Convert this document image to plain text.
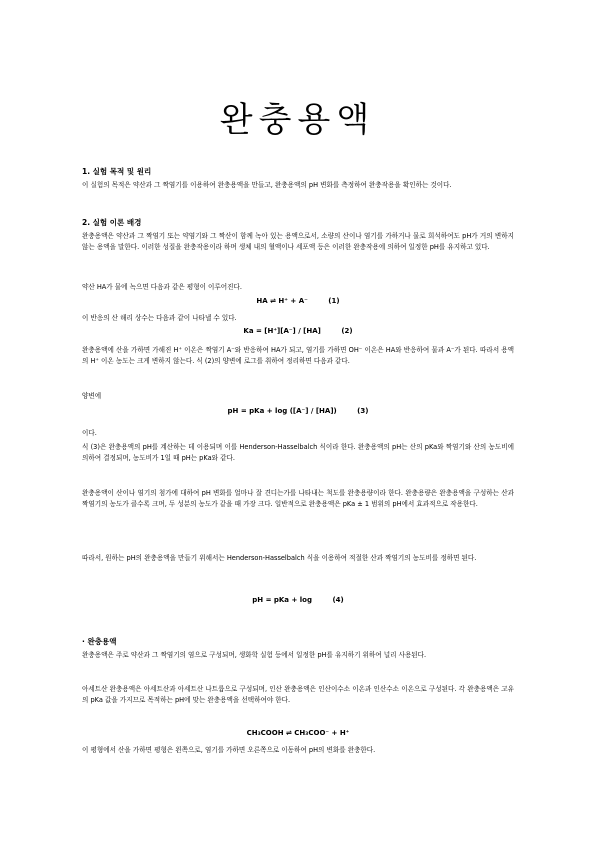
완충용액
1. 실험 목적 및 원리
이 실험의 목적은 약산과 그 짝염기를 이용하여 완충용액을 만들고, 완충용액의 pH 변화를 측정하여 완충작용을 확인하는 것이다.
2. 실험 이론 배경
완충용액은 약산과 그 짝염기 또는 약염기와 그 짝산이 함께 녹아 있는 용액으로서, 소량의 산이나 염기를 가하거나 물로 희석하여도 pH가 거의 변하지 않는 용액을 말한다. 이러한 성질을 완충작용이라 하며 생체 내의 혈액이나 세포액 등은 이러한 완충작용에 의하여 일정한 pH를 유지하고 있다.
약산 HA가 물에 녹으면 다음과 같은 평형이 이루어진다.
HA ⇌ H⁺ + A⁻	(1)
이 반응의 산 해리 상수는 다음과 같이 나타낼 수 있다.
Ka = [H⁺][A⁻] / [HA]	(2)
완충용액에 산을 가하면 가해진 H⁺ 이온은 짝염기 A⁻와 반응하여 HA가 되고, 염기를 가하면 OH⁻ 이온은 HA와 반응하여 물과 A⁻가 된다. 따라서 용액의 H⁺ 이온 농도는 크게 변하지 않는다. 식 (2)의 양변에 로그를 취하여 정리하면 다음과 같다.
양변에
pH = pKa + log ([A⁻] / [HA])	(3)
이다.
식 (3)은 완충용액의 pH를 계산하는 데 이용되며 이를 Henderson-Hasselbalch 식이라 한다. 완충용액의 pH는 산의 pKa와 짝염기와 산의 농도비에 의하여 결정되며, 농도비가 1일 때 pH는 pKa와 같다.
완충용액이 산이나 염기의 첨가에 대하여 pH 변화를 얼마나 잘 견디는가를 나타내는 척도를 완충용량이라 한다. 완충용량은 완충용액을 구성하는 산과 짝염기의 농도가 클수록 크며, 두 성분의 농도가 같을 때 가장 크다. 일반적으로 완충용액은 pKa ± 1 범위의 pH에서 효과적으로 작용한다.
따라서, 원하는 pH의 완충용액을 만들기 위해서는 Henderson-Hasselbalch 식을 이용하여 적절한 산과 짝염기의 농도비를 정하면 된다.
pH = pKa + log	(4)
· 완충용액
완충용액은 주로 약산과 그 짝염기의 염으로 구성되며, 생화학 실험 등에서 일정한 pH를 유지하기 위하여 널리 사용된다.
아세트산 완충용액은 아세트산과 아세트산 나트륨으로 구성되며, 인산 완충용액은 인산이수소 이온과 인산수소 이온으로 구성된다. 각 완충용액은 고유의 pKa 값을 가지므로 목적하는 pH에 맞는 완충용액을 선택하여야 한다.
CH₃COOH ⇌ CH₃COO⁻ + H⁺
이 평형에서 산을 가하면 평형은 왼쪽으로, 염기를 가하면 오른쪽으로 이동하여 pH의 변화를 완충한다.
